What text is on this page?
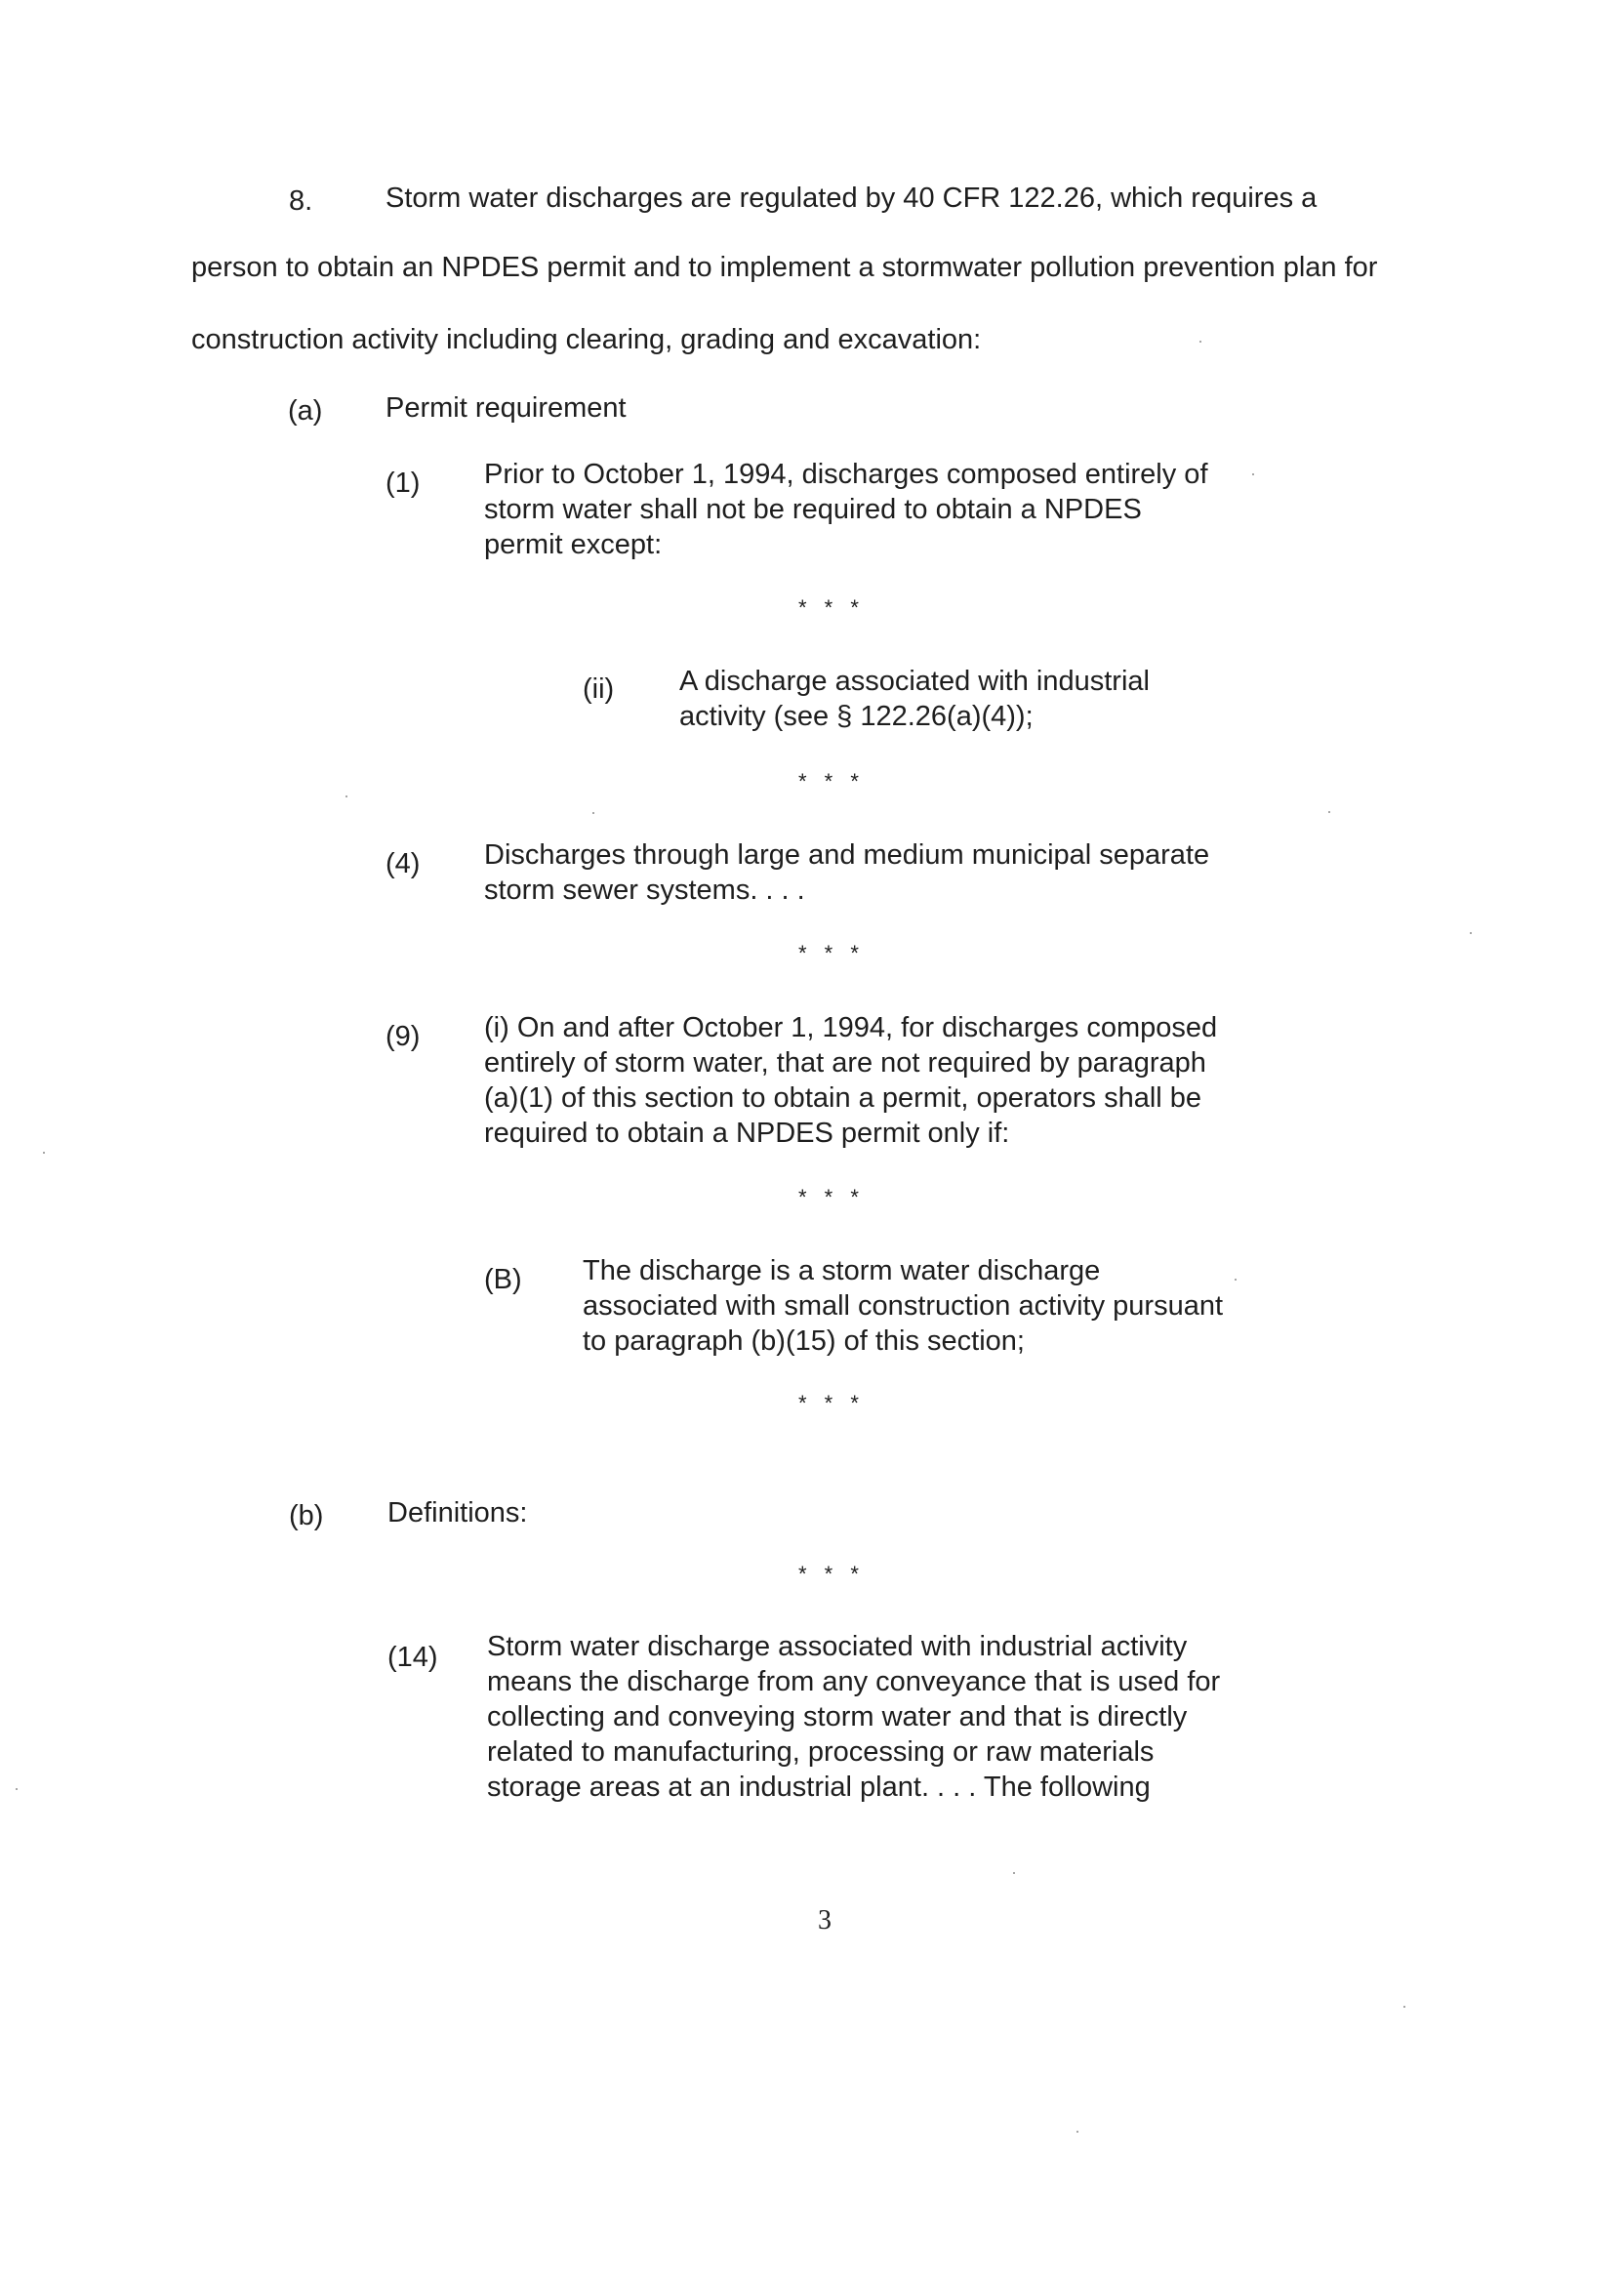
8.	Storm water discharges are regulated by 40 CFR 122.26, which requires a
person to obtain an NPDES permit and to implement a stormwater pollution prevention plan for
construction activity including clearing, grading and excavation:
(a) Permit requirement
(1) Prior to October 1, 1994, discharges composed entirely of
storm water shall not be required to obtain a NPDES
permit except:
* * *
(ii) A discharge associated with industrial
activity (see § 122.26(a)(4));
* * *
(4) Discharges through large and medium municipal separate
storm sewer systems. . . .
* * *
(9) (i) On and after October 1, 1994, for discharges composed
entirely of storm water, that are not required by paragraph
(a)(1) of this section to obtain a permit, operators shall be
required to obtain a NPDES permit only if:
* * *
(B) The discharge is a storm water discharge
associated with small construction activity pursuant
to paragraph (b)(15) of this section;
* * *
(b) Definitions:
* * *
(14) Storm water discharge associated with industrial activity
means the discharge from any conveyance that is used for
collecting and conveying storm water and that is directly
related to manufacturing, processing or raw materials
storage areas at an industrial plant. . . . The following
3
